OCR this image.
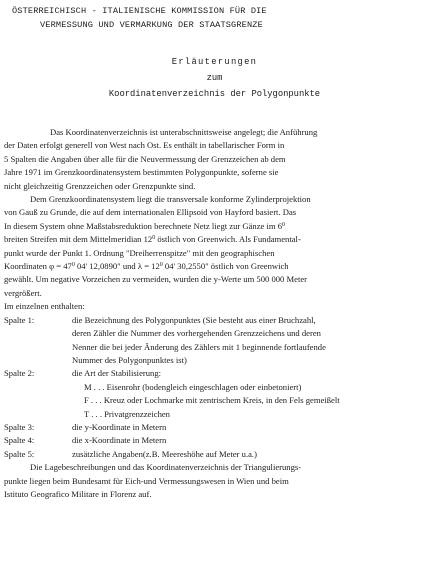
ÖSTERREICHISCH - ITALIENISCHE KOMMISSION FÜR DIE
VERMESSUNG UND VERMARKUNG DER STAATSGRENZE
Erläuterungen
zum
Koordinatenverzeichnis der Polygonpunkte

Das Koordinatenverzeichnis ist unterabschnittsweise angelegt; die Anführung

der Daten erfolgt generell von West nach Ost. Es enthält in tabellarischer Form in

5 Spalten die Angaben über alle für die Neuvermessung der Grenzzeichen ab dem

Jahre 1971 im Grenzkoordinatensystem bestimmten Polygonpunkte, soferne sie

nicht gleichzeitig Grenzzeichen oder Grenzpunkte sind.

Dem Grenzkoordinatensystem liegt die transversale konforme Zylinderprojektion

von Gauß zu Grunde, die auf dem internationalen Ellipsoid von Hayford basiert. Das

In diesem System ohne Maßstabsreduktion berechnete Netz liegt zur Gänze im $6^0$

breiten Streifen mit dem Mittelmeridian $12^0$ östlich von Greenwich. Als Fundamental-

punkt wurde der Punkt 1. Ordnung "Dreiherrenspitze" mit den geographischen

Koordinaten $\varphi = 47^0$ 04' 12,0890" und $\lambda = 12^0$ 04' 30,2550" östlich von Greenwich

gewählt. Um negative Vorzeichen zu vermeiden, wurden die y-Werte um 500 000 Meter

vergrößert.

Im einzelnen enthalten:

Spalte 1:	die Bezeichnung des Polygonpunktes (Sie besteht aus einer Bruchzahl,

deren Zähler die Nummer des vorhergehenden Grenzzeichens und deren

Nenner die bei jeder Änderung des Zählers mit 1 beginnende fortlaufende

Nummer des Polygonpunktes ist)

Spalte 2:	die Art der Stabilisierung:

M . . . Eisenrohr (bodengleich eingeschlagen oder einbetoniert)

F . . . Kreuz oder Lochmarke mit zentrischem Kreis, in den Fels gemeißelt

T . . . Privatgrenzzeichen

Spalte 3:	die y-Koordinate in Metern
Spalte 4:	die x-Koordinate in Metern
Spalte 5:	zusätzliche Angaben(z.B. Meereshöhe auf Meter u.a.)

Die Lagebeschreibungen und das Koordinatenverzeichnis der Triangulierungs-

punkte liegen beim Bundesamt für Eich-und Vermessungswesen in Wien und beim

Istituto Geografico Militare in Florenz auf.
